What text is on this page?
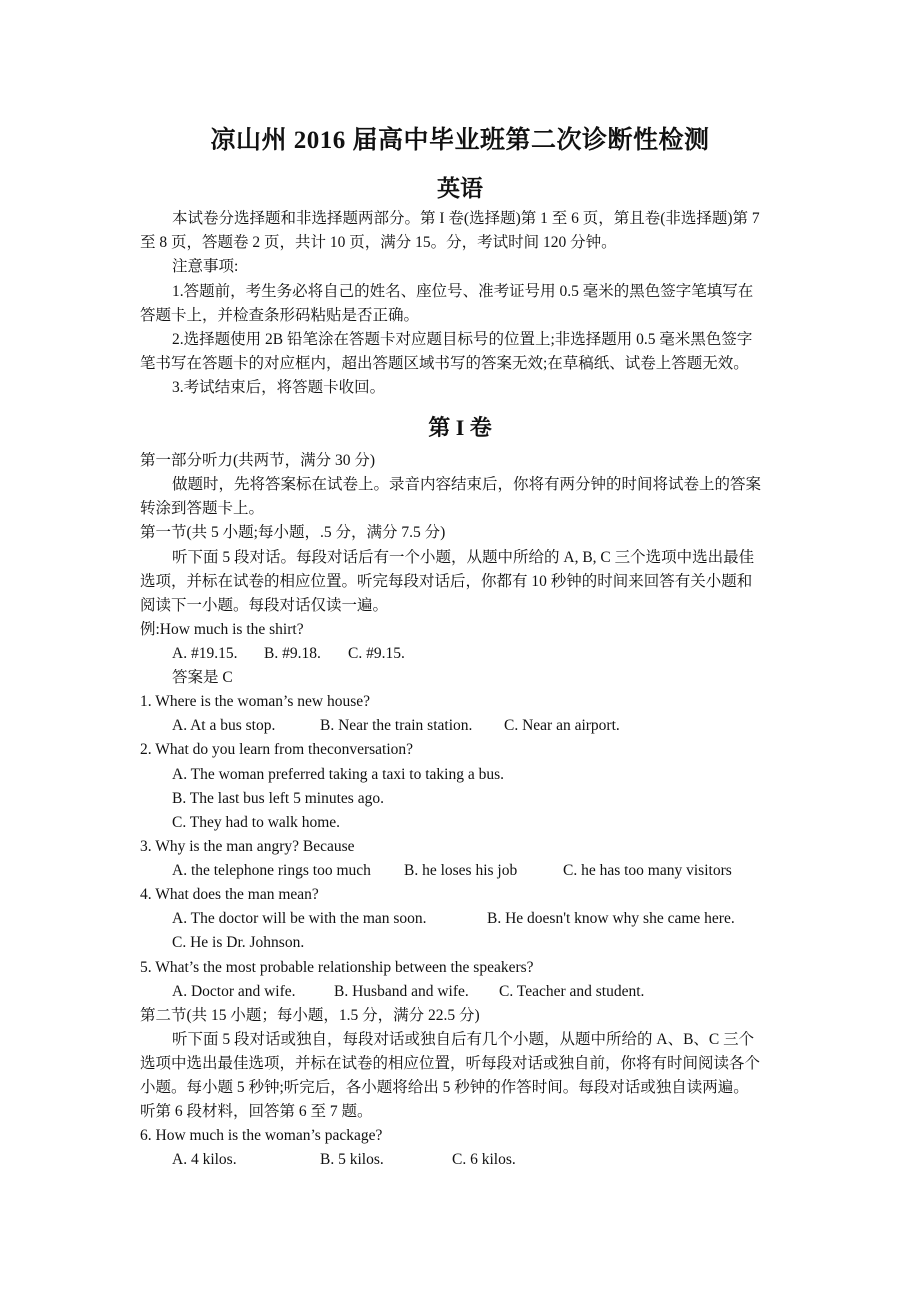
凉山州 2016 届高中毕业班第二次诊断性检测
英语
本试卷分选择题和非选择题两部分。第 I 卷(选择题)第 1 至 6 页，第且卷(非选择题)第 7
至 8 页，答题卷 2 页，共计 10 页，满分 15。分，考试时间 120 分钟。
注意事项:
1.答题前，考生务必将自己的姓名、座位号、准考证号用 0.5 毫米的黑色签字笔填写在
答题卡上，并检查条形码粘贴是否正确。
2.选择题使用 2B 铅笔涂在答题卡对应题目标号的位置上;非选择题用 0.5 毫米黑色签字
笔书写在答题卡的对应框内，超出答题区域书写的答案无效;在草稿纸、试卷上答题无效。
3.考试结束后，将答题卡收回。
第 I 卷
第一部分听力(共两节，满分 30 分)
做题时，先将答案标在试卷上。录音内容结束后，你将有两分钟的时间将试卷上的答案
转涂到答题卡上。
第一节(共 5 小题;每小题，.5 分，满分 7.5 分)
听下面 5 段对话。每段对话后有一个小题，从题中所给的 A, B, C 三个选项中选出最佳
选项，并标在试卷的相应位置。听完每段对话后，你都有 10 秒钟的时间来回答有关小题和
阅读下一小题。每段对话仅读一遍。
例:How much is the shirt?
A. #19.15. B. #9.18. C. #9.15.
答案是 C
1. Where is the woman’s new house?
A. At a bus stop.	B. Near the train station. C. Near an airport.
2. What do you learn from theconversation?
A. The woman preferred taking a taxi to taking a bus.
B. The last bus left 5 minutes ago.
C. They had to walk home.
3. Why is the man angry? Because
A. the telephone rings too much B. he loses his job	C. he has too many visitors
4. What does the man mean?
A. The doctor will be with the man soon.	B. He doesn't know why she came here.
C. He is Dr. Johnson.
5. What’s the most probable relationship between the speakers?
A. Doctor and wife. B. Husband and wife. C. Teacher and student.
第二节(共 15 小题；每小题，1.5 分，满分 22.5 分)
听下面 5 段对话或独自，每段对话或独自后有几个小题，从题中所给的 A、B、C 三个
选项中选出最佳选项，并标在试卷的相应位置，听每段对话或独自前，你将有时间阅读各个
小题。每小题 5 秒钟;听完后，各小题将给出 5 秒钟的作答时间。每段对话或独自读两遍。
听第 6 段材料，回答第 6 至 7 题。
6. How much is the woman’s package?
A. 4 kilos.	B. 5 kilos.	C. 6 kilos.
